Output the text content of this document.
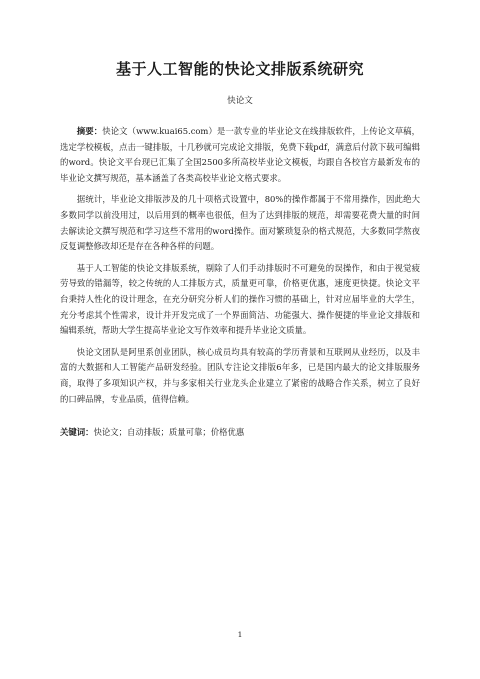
基于人工智能的快论文排版系统研究
快论文

摘要：快论文（www.kuai65.com）是一款专业的毕业论文在线排版软件，上传论文草稿，选定学校模板，点击一键排版，十几秒就可完成论文排版，免费下载pdf，满意后付款下载可编辑的word。快论文平台现已汇集了全国2500多所高校毕业论文模板，均跟自各校官方最新发布的毕业论文撰写规范，基本涵盖了各类高校毕业论文格式要求。

据统计，毕业论文排版涉及的几十项格式设置中，80%的操作都属于不常用操作，因此绝大多数同学以前没用过，以后用到的概率也很低，但为了达到排版的规范，却需要花费大量的时间去解读论文撰写规范和学习这些不常用的word操作。面对繁琐复杂的格式规范，大多数同学熬夜反复调整修改却还是存在各种各样的问题。

基于人工智能的快论文排版系统，剔除了人们手动排版时不可避免的误操作，和由于视觉疲劳导致的错漏等，较之传统的人工排版方式，质量更可靠，价格更优惠，速度更快捷。快论文平台秉持人性化的设计理念，在充分研究分析人们的操作习惯的基础上，针对应届毕业的大学生，充分考虑其个性需求，设计并开发完成了一个界面简洁、功能强大、操作便捷的毕业论文排版和编辑系统，帮助大学生提高毕业论文写作效率和提升毕业论文质量。

快论文团队是阿里系创业团队，核心成员均具有较高的学历背景和互联网从业经历，以及丰富的大数据和人工智能产品研发经验。团队专注论文排版6年多，已是国内最大的论文排版服务商，取得了多项知识产权，并与多家相关行业龙头企业建立了紧密的战略合作关系，树立了良好的口碑品牌，专业品质，值得信赖。

关键词：快论文；自动排版；质量可靠；价格优惠
1
